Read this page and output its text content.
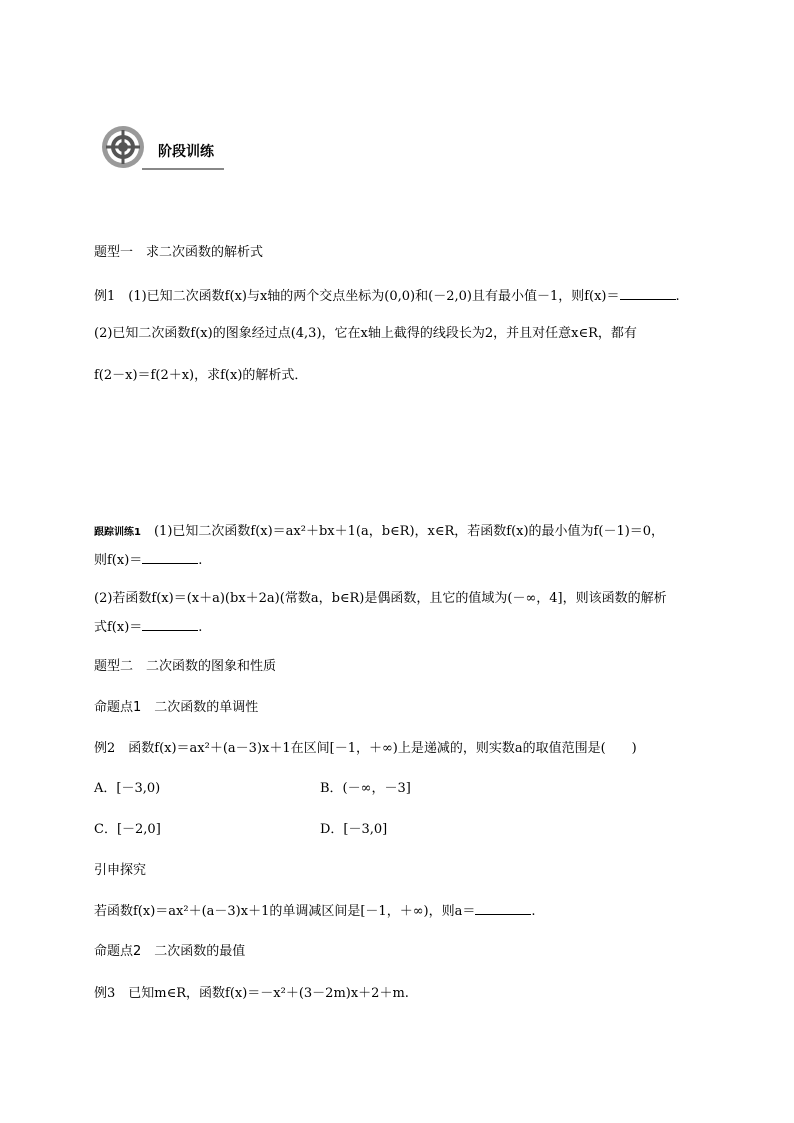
阶段训练
题型一　求二次函数的解析式
例1　(1)已知二次函数f(x)与x轴的两个交点坐标为(0,0)和(－2,0)且有最小值－1，则f(x)＝	.
(2)已知二次函数f(x)的图象经过点(4,3)，它在x轴上截得的线段长为2，并且对任意x∈R，都有
f(2－x)＝f(2＋x)，求f(x)的解析式．
跟踪训练1　 (1)已知二次函数f(x)＝ax²＋bx＋1(a，b∈R)，x∈R，若函数f(x)的最小值为f(－1)＝0，
则f(x)＝	.
(2)若函数f(x)＝(x＋a)(bx＋2a)(常数a，b∈R)是偶函数，且它的值域为(－∞，4]，则该函数的解析
式f(x)＝	.
题型二　二次函数的图象和性质
命题点1　二次函数的单调性
例2　函数f(x)＝ax²＋(a－3)x＋1在区间[－1，＋∞)上是递减的，则实数a的取值范围是(　　)
A．[－3,0)	B．(－∞，－3]
C．[－2,0]	D．[－3,0]
引申探究
若函数f(x)＝ax²＋(a－3)x＋1的单调减区间是[－1，＋∞)，则a＝	.
命题点2　二次函数的最值
例3　已知m∈R，函数f(x)＝－x²＋(3－2m)x＋2＋m.
